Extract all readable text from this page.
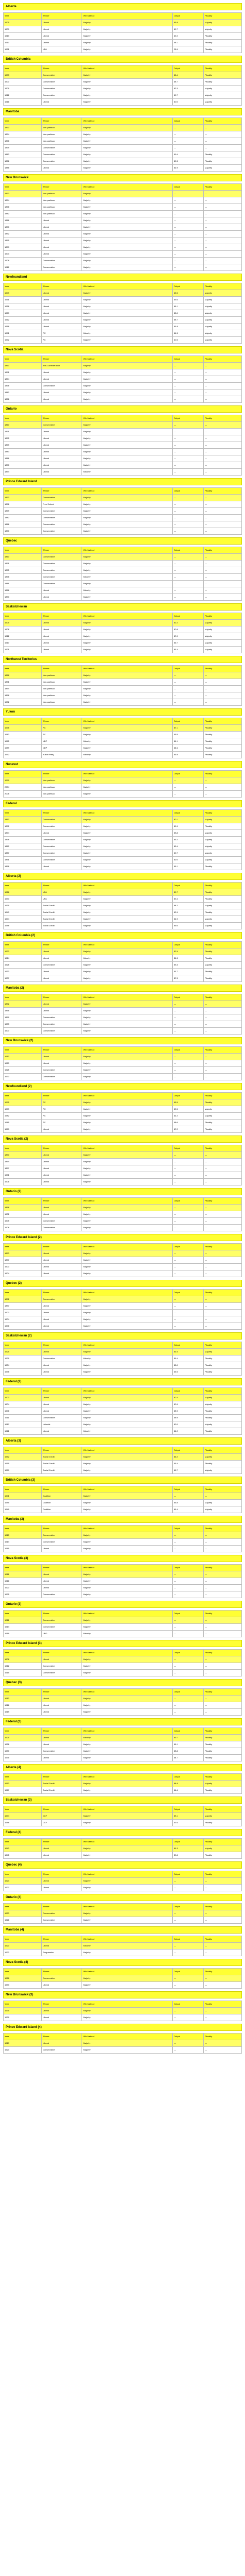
Alberta
Year	Winner	Win Method	Output	Plurality
1905	Liberal	Majority	56.8	Majority
1909	Liberal	Majority	59.7	Majority
1913	Liberal	Majority	49.2	Plurality
1917	Liberal	Majority	48.1	Plurality
1921	UFA	Majority	28.9	Plurality
British Columbia
Year	Winner	Win Method	Output	Plurality
1903	Conservative	Majority	46.4	Plurality
1907	Conservative	Majority	48.7	Plurality
1909	Conservative	Majority	52.3	Majority
1912	Conservative	Majority	59.7	Majority
1916	Liberal	Majority	50.0	Majority
Manitoba
Year	Winner	Win Method	Output	Plurality
1870	Non-partisan	Majority	—	—
1874	Non-partisan	Majority	—	—
1878	Non-partisan	Majority	—	—
1879	Conservative	Majority	—	—
1883	Conservative	Majority	49.4	Plurality
1886	Conservative	Majority	49.3	Plurality
1888	Liberal	Majority	51.9	Majority
New Brunswick
Year	Winner	Win Method	Output	Plurality
1870	Non-partisan	Majority	—	—
1874	Non-partisan	Majority	—	—
1878	Non-partisan	Majority	—	—
1882	Non-partisan	Majority	—	—
1886	Liberal	Majority	—	—
1890	Liberal	Majority	—	—
1892	Liberal	Majority	—	—
1895	Liberal	Majority	—	—
1899	Liberal	Majority	—	—
1903	Liberal	Majority	—	—
1908	Conservative	Majority	—	—
1912	Conservative	Majority	—	—
Newfoundland
Year	Winner	Win Method	Output	Plurality
1949	Liberal	Majority	65.5	Majority
1951	Liberal	Majority	63.6	Majority
1956	Liberal	Majority	66.1	Majority
1959	Liberal	Majority	58.0	Majority
1962	Liberal	Majority	58.7	Majority
1966	Liberal	Majority	61.8	Majority
1971	PC	Minority	51.3	Majority
1972	PC	Majority	60.5	Majority
Nova Scotia
Year	Winner	Win Method	Output	Plurality
1867	Anti-Confederation	Majority	—	—
1871	Liberal	Majority	—	—
1874	Liberal	Majority	—	—
1878	Conservative	Majority	—	—
1882	Liberal	Majority	—	—
1886	Liberal	Majority	—	—
Ontario
Year	Winner	Win Method	Output	Plurality
1867	Conservative	Majority	—	—
1871	Liberal	Majority	—	—
1875	Liberal	Majority	—	—
1879	Liberal	Majority	—	—
1883	Liberal	Majority	—	—
1886	Liberal	Majority	—	—
1890	Liberal	Majority	—	—
1894	Liberal	Minority	—	—
Prince Edward Island
Year	Winner	Win Method	Output	Plurality
1873	Conservative	Majority	—	—
1876	Free School	Majority	—	—
1879	Conservative	Majority	—	—
1882	Conservative	Majority	—	—
1886	Conservative	Majority	—	—
1890	Conservative	Majority	—	—
Quebec
Year	Winner	Win Method	Output	Plurality
1867	Conservative	Majority	—	—
1871	Conservative	Majority	—	—
1875	Conservative	Majority	—	—
1878	Conservative	Minority	—	—
1881	Conservative	Majority	—	—
1886	Liberal	Minority	—	—
1890	Liberal	Majority	—	—
Saskatchewan
Year	Winner	Win Method	Output	Plurality
1905	Liberal	Majority	52.2	Majority
1908	Liberal	Majority	50.8	Majority
1912	Liberal	Majority	57.0	Majority
1917	Liberal	Majority	56.7	Majority
1921	Liberal	Majority	51.4	Majority
Northwest Territories
Year	Winner	Win Method	Output	Plurality
1888	Non-partisan	Majority	—	—
1891	Non-partisan	Majority	—	—
1894	Non-partisan	Majority	—	—
1898	Non-partisan	Majority	—	—
1902	Non-partisan	Majority	—	—
Yukon
Year	Winner	Win Method	Output	Plurality
1978	PC	Majority	37.1	Plurality
1982	PC	Majority	45.5	Plurality
1985	NDP	Minority	41.1	Plurality
1989	NDP	Majority	44.6	Plurality
1992	Yukon Party	Minority	36.8	Plurality
Nunavut
Year	Winner	Win Method	Output	Plurality
1999	Non-partisan	Majority	—	—
2004	Non-partisan	Majority	—	—
2008	Non-partisan	Majority	—	—
Federal
Year	Winner	Win Method	Output	Plurality
1867	Conservative	Majority	50.1	Majority
1872	Conservative	Majority	49.9	Plurality
1874	Liberal	Majority	53.8	Majority
1878	Conservative	Majority	53.2	Majority
1882	Conservative	Majority	53.4	Majority
1887	Conservative	Majority	50.7	Majority
1891	Conservative	Majority	52.0	Majority
1896	Liberal	Majority	45.1	Plurality
Alberta (2)
Year	Winner	Win Method	Output	Plurality
1926	UFA	Majority	39.7	Plurality
1930	UFA	Majority	39.4	Plurality
1935	Social Credit	Majority	54.2	Majority
1940	Social Credit	Majority	42.9	Plurality
1944	Social Credit	Majority	51.9	Majority
1948	Social Credit	Majority	55.6	Majority
British Columbia (2)
Year	Winner	Win Method	Output	Plurality
1920	Liberal	Majority	37.9	Plurality
1924	Liberal	Minority	31.3	Plurality
1928	Conservative	Majority	53.3	Majority
1933	Liberal	Majority	41.7	Plurality
1937	Liberal	Majority	37.3	Plurality
Manitoba (2)
Year	Winner	Win Method	Output	Plurality
1892	Liberal	Majority	—	—
1896	Liberal	Majority	—	—
1899	Conservative	Majority	—	—
1903	Conservative	Majority	—	—
1907	Conservative	Majority	—	—
New Brunswick (2)
Year	Winner	Win Method	Output	Plurality
1917	Liberal	Majority	—	—
1920	Liberal	Majority	—	—
1925	Conservative	Majority	—	—
1930	Conservative	Majority	—	—
Newfoundland (2)
Year	Winner	Win Method	Output	Plurality
1975	PC	Majority	45.5	Plurality
1979	PC	Majority	50.5	Majority
1982	PC	Majority	61.2	Majority
1985	PC	Majority	48.6	Plurality
1989	Liberal	Majority	47.2	Plurality
Nova Scotia (2)
Year	Winner	Win Method	Output	Plurality
1890	Liberal	Majority	—	—
1894	Liberal	Majority	—	—
1897	Liberal	Majority	—	—
1901	Liberal	Majority	—	—
1906	Liberal	Majority	—	—
Ontario (2)
Year	Winner	Win Method	Output	Plurality
1898	Liberal	Majority	—	—
1902	Liberal	Majority	—	—
1905	Conservative	Majority	—	—
1908	Conservative	Majority	—	—
Prince Edward Island (2)
Year	Winner	Win Method	Output	Plurality
1893	Liberal	Majority	—	—
1897	Liberal	Majority	—	—
1900	Liberal	Majority	—	—
1904	Liberal	Majority	—	—
Quebec (2)
Year	Winner	Win Method	Output	Plurality
1892	Conservative	Majority	—	—
1897	Liberal	Majority	—	—
1900	Liberal	Majority	—	—
1904	Liberal	Majority	—	—
1908	Liberal	Majority	—	—
Saskatchewan (2)
Year	Winner	Win Method	Output	Plurality
1925	Liberal	Majority	51.5	Majority
1929	Conservative	Minority	36.4	Plurality
1934	Liberal	Majority	48.0	Plurality
1938	Liberal	Majority	45.5	Plurality
Federal (2)
Year	Winner	Win Method	Output	Plurality
1900	Liberal	Majority	50.3	Majority
1904	Liberal	Majority	50.9	Majority
1908	Liberal	Majority	48.9	Plurality
1911	Conservative	Majority	48.9	Plurality
1917	Unionist	Majority	57.0	Majority
1921	Liberal	Minority	41.2	Plurality
Alberta (3)
Year	Winner	Win Method	Output	Plurality
1952	Social Credit	Majority	56.2	Majority
1955	Social Credit	Majority	46.4	Plurality
1959	Social Credit	Majority	55.7	Majority
British Columbia (3)
Year	Winner	Win Method	Output	Plurality
1941	Coalition	Majority	—	—
1945	Coalition	Majority	55.8	Majority
1949	Coalition	Majority	61.4	Majority
Manitoba (3)
Year	Winner	Win Method	Output	Plurality
1910	Conservative	Majority	—	—
1914	Conservative	Majority	—	—
1915	Liberal	Majority	—	—
Nova Scotia (3)
Year	Winner	Win Method	Output	Plurality
1911	Liberal	Majority	—	—
1916	Liberal	Majority	—	—
1920	Liberal	Majority	—	—
1925	Conservative	Majority	—	—
Ontario (3)
Year	Winner	Win Method	Output	Plurality
1911	Conservative	Majority	—	—
1914	Conservative	Majority	—	—
1919	UFO	Minority	—	—
Prince Edward Island (3)
Year	Winner	Win Method	Output	Plurality
1908	Liberal	Majority	—	—
1912	Conservative	Majority	—	—
1915	Conservative	Majority	—	—
Quebec (3)
Year	Winner	Win Method	Output	Plurality
1912	Liberal	Majority	—	—
1916	Liberal	Majority	—	—
1919	Liberal	Majority	—	—
Federal (3)
Year	Winner	Win Method	Output	Plurality
1925	Liberal	Minority	39.7	Plurality
1926	Liberal	Majority	46.1	Plurality
1930	Conservative	Majority	48.8	Plurality
1935	Liberal	Majority	44.7	Plurality
Alberta (4)
Year	Winner	Win Method	Output	Plurality
1963	Social Credit	Majority	54.8	Majority
1967	Social Credit	Majority	44.6	Plurality
Saskatchewan (3)
Year	Winner	Win Method	Output	Plurality
1944	CCF	Majority	53.1	Majority
1948	CCF	Majority	47.6	Plurality
Federal (4)
Year	Winner	Win Method	Output	Plurality
1940	Liberal	Majority	51.3	Majority
1945	Liberal	Majority	39.8	Plurality
Quebec (4)
Year	Winner	Win Method	Output	Plurality
1923	Liberal	Majority	—	—
1927	Liberal	Majority	—	—
Ontario (4)
Year	Winner	Win Method	Output	Plurality
1923	Conservative	Majority	—	—
1926	Conservative	Majority	—	—
Manitoba (4)
Year	Winner	Win Method	Output	Plurality
1920	Liberal	Minority	—	—
1922	Progressive	Majority	—	—
Nova Scotia (4)
Year	Winner	Win Method	Output	Plurality
1928	Conservative	Majority	—	—
1933	Liberal	Majority	—	—
New Brunswick (3)
Year	Winner	Win Method	Output	Plurality
1935	Liberal	Majority	—	—
1939	Liberal	Majority	—	—
Prince Edward Island (4)
Year	Winner	Win Method	Output	Plurality
1919	Liberal	Majority	—	—
1923	Conservative	Majority	—	—
